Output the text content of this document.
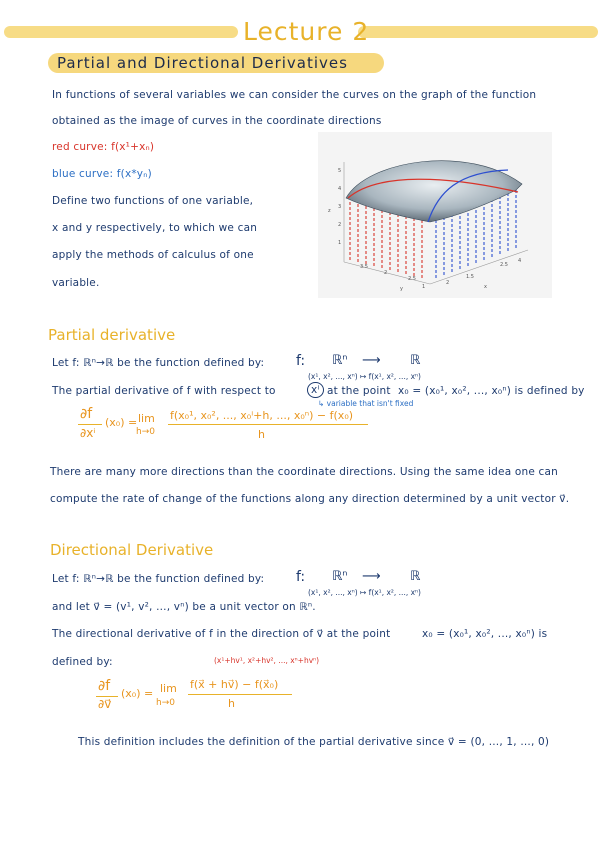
Lecture 2
Partial and Directional Derivatives
In functions of several variables we can consider the curves on the graph of the function
obtained as the image of curves in the coordinate directions
red curve: f(x¹+xₙ)
blue curve: f(x*yₙ)
Define two functions of one variable,
x and y respectively, to which we can
apply the methods of calculus of one
variable.
5
4
3
2
1
z
3.5
2
2.5
1
y
2
1.5
4
2.5
x
Partial derivative
Let f: ℝⁿ→ℝ be the function defined by: f: ℝⁿ ⟶ ℝ
(x¹, x², ..., xⁿ) ↦ f(x¹, x², ..., xⁿ)
The partial derivative of f with respect to	xⁱ at the point x₀ = (x₀¹, x₀², ..., x₀ⁿ) is defined by
↳ variable that isn't fixed
∂f
∂xⁱ
(x₀) = lim
h→0
f(x₀¹, x₀², ..., x₀ⁱ+h, ..., x₀ⁿ) − f(x₀)
h
There are many more directions than the coordinate directions. Using the same idea one can
compute the rate of change of the functions along any direction determined by a unit vector v⃗.
Directional Derivative
Let f: ℝⁿ→ℝ be the function defined by: f: ℝⁿ ⟶ ℝ
(x¹, x², ..., xⁿ) ↦ f(x¹, x², ..., xⁿ)
and let v⃗ = (v¹, v², ..., vⁿ) be a unit vector on ℝⁿ.
The directional derivative of f in the direction of v⃗ at the point	x₀ = (x₀¹, x₀², ..., x₀ⁿ) is
defined by:	(x¹+hv¹, x²+hv², ..., xⁿ+hvⁿ)
∂f
∂v⃗
(x₀) = lim
h→0
f(x⃗ + hv⃗) − f(x⃗₀)
h
This definition includes the definition of the partial derivative since v⃗ = (0, ..., 1, ..., 0)
